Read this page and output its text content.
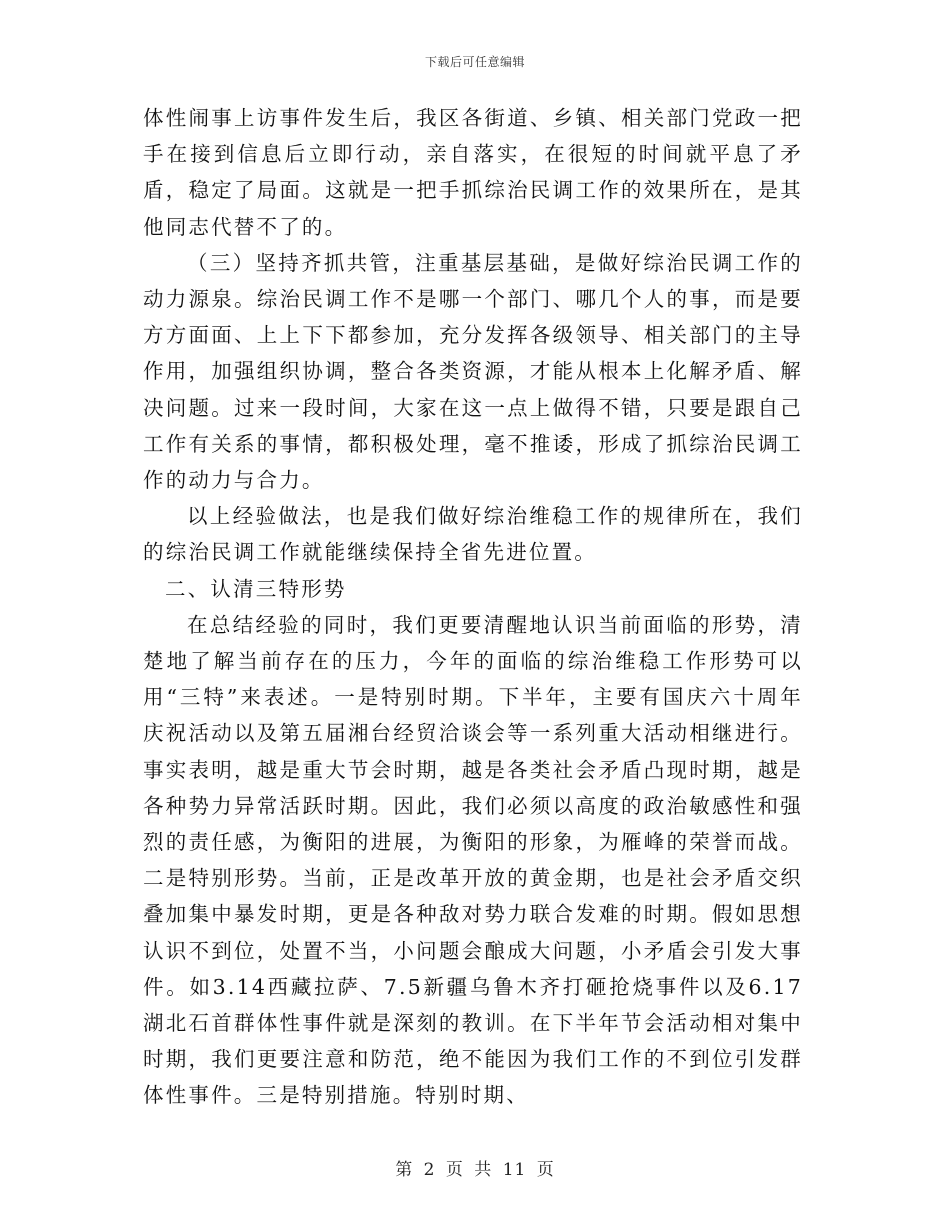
下载后可任意编辑

体性闹事上访事件发生后，我区各街道、乡镇、相关部门党政一把手在接到信息后立即行动，亲自落实，在很短的时间就平息了矛盾，稳定了局面。这就是一把手抓综治民调工作的效果所在，是其他同志代替不了的。

（三）坚持齐抓共管，注重基层基础，是做好综治民调工作的动力源泉。综治民调工作不是哪一个部门、哪几个人的事，而是要方方面面、上上下下都参加，充分发挥各级领导、相关部门的主导作用，加强组织协调，整合各类资源，才能从根本上化解矛盾、解决问题。过来一段时间，大家在这一点上做得不错，只要是跟自己工作有关系的事情，都积极处理，毫不推诿，形成了抓综治民调工作的动力与合力。

以上经验做法，也是我们做好综治维稳工作的规律所在，我们的综治民调工作就能继续保持全省先进位置。

二、认清三特形势

在总结经验的同时，我们更要清醒地认识当前面临的形势，清楚地了解当前存在的压力，今年的面临的综治维稳工作形势可以用“三特”来表述。一是特别时期。下半年，主要有国庆六十周年庆祝活动以及第五届湘台经贸洽谈会等一系列重大活动相继进行。事实表明，越是重大节会时期，越是各类社会矛盾凸现时期，越是各种势力异常活跃时期。因此，我们必须以高度的政治敏感性和强烈的责任感，为衡阳的进展，为衡阳的形象，为雁峰的荣誉而战。二是特别形势。当前，正是改革开放的黄金期，也是社会矛盾交织叠加集中暴发时期，更是各种敌对势力联合发难的时期。假如思想认识不到位，处置不当，小问题会酿成大问题，小矛盾会引发大事件。如3.14西藏拉萨、7.5新疆乌鲁木齐打砸抢烧事件以及6.17湖北石首群体性事件就是深刻的教训。在下半年节会活动相对集中时期，我们更要注意和防范，绝不能因为我们工作的不到位引发群体性事件。三是特别措施。特别时期、

第 2 页 共 11 页
